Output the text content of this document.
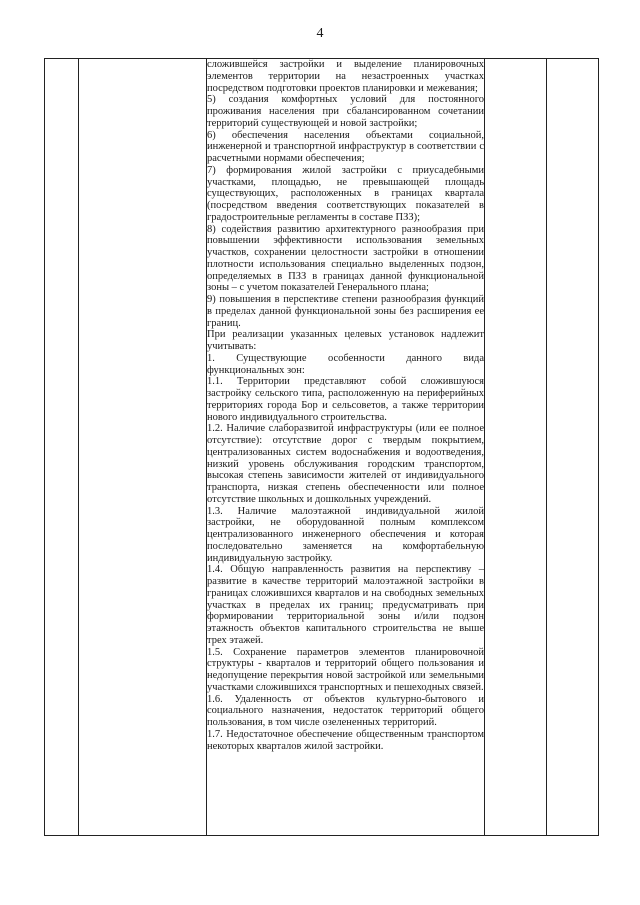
4

сложившейся застройки и выделение планировочных элементов территории на незастроенных участках посредством подготовки проектов планировки и межевания;

5) создания комфортных условий для постоянного проживания населения при сбалансированном сочетании территорий существующей и новой застройки;

6) обеспечения населения объектами социальной, инженерной и транспортной инфраструктур в соответствии с расчетными нормами обеспечения;

7) формирования жилой застройки с приусадебными участками, площадью, не превышающей площадь существующих, расположенных в границах квартала (посредством введения соответствующих показателей в градостроительные регламенты в составе ПЗЗ);

8) содействия развитию архитектурного разнообразия при повышении эффективности использования земельных участков, сохранении целостности застройки в отношении плотности использования специально выделенных подзон, определяемых в ПЗЗ в границах данной функциональной зоны – с учетом показателей Генерального плана;

9) повышения в перспективе степени разнообразия функций в пределах данной функциональной зоны без расширения ее границ.

При реализации указанных целевых установок надлежит учитывать:

1. Существующие особенности данного вида функциональных зон:

1.1. Территории представляют собой сложившуюся застройку сельского типа, расположенную на периферийных территориях города Бор и сельсоветов, а также территории нового индивидуального строительства.

1.2. Наличие слаборазвитой инфраструктуры (или ее полное отсутствие): отсутствие дорог с твердым покрытием, централизованных систем водоснабжения и водоотведения, низкий уровень обслуживания городским транспортом, высокая степень зависимости жителей от индивидуального транспорта, низкая степень обеспеченности или полное отсутствие школьных и дошкольных учреждений.

1.3. Наличие малоэтажной индивидуальной жилой застройки, не оборудованной полным комплексом централизованного инженерного обеспечения и которая последовательно заменяется на комфортабельную индивидуальную застройку.

1.4. Общую направленность развития на перспективу – развитие в качестве территорий малоэтажной застройки в границах сложившихся кварталов и на свободных земельных участках в пределах их границ; предусматривать при формировании территориальной зоны и/или подзон этажность объектов капитального строительства не выше трех этажей.

1.5. Сохранение параметров элементов планировочной структуры - кварталов и территорий общего пользования и недопущение перекрытия новой застройкой или земельными участками сложившихся транспортных и пешеходных связей.

1.6. Удаленность от объектов культурно-бытового и социального назначения, недостаток территорий общего пользования, в том числе озелененных территорий.

1.7. Недостаточное обеспечение общественным транспортом некоторых кварталов жилой застройки.
